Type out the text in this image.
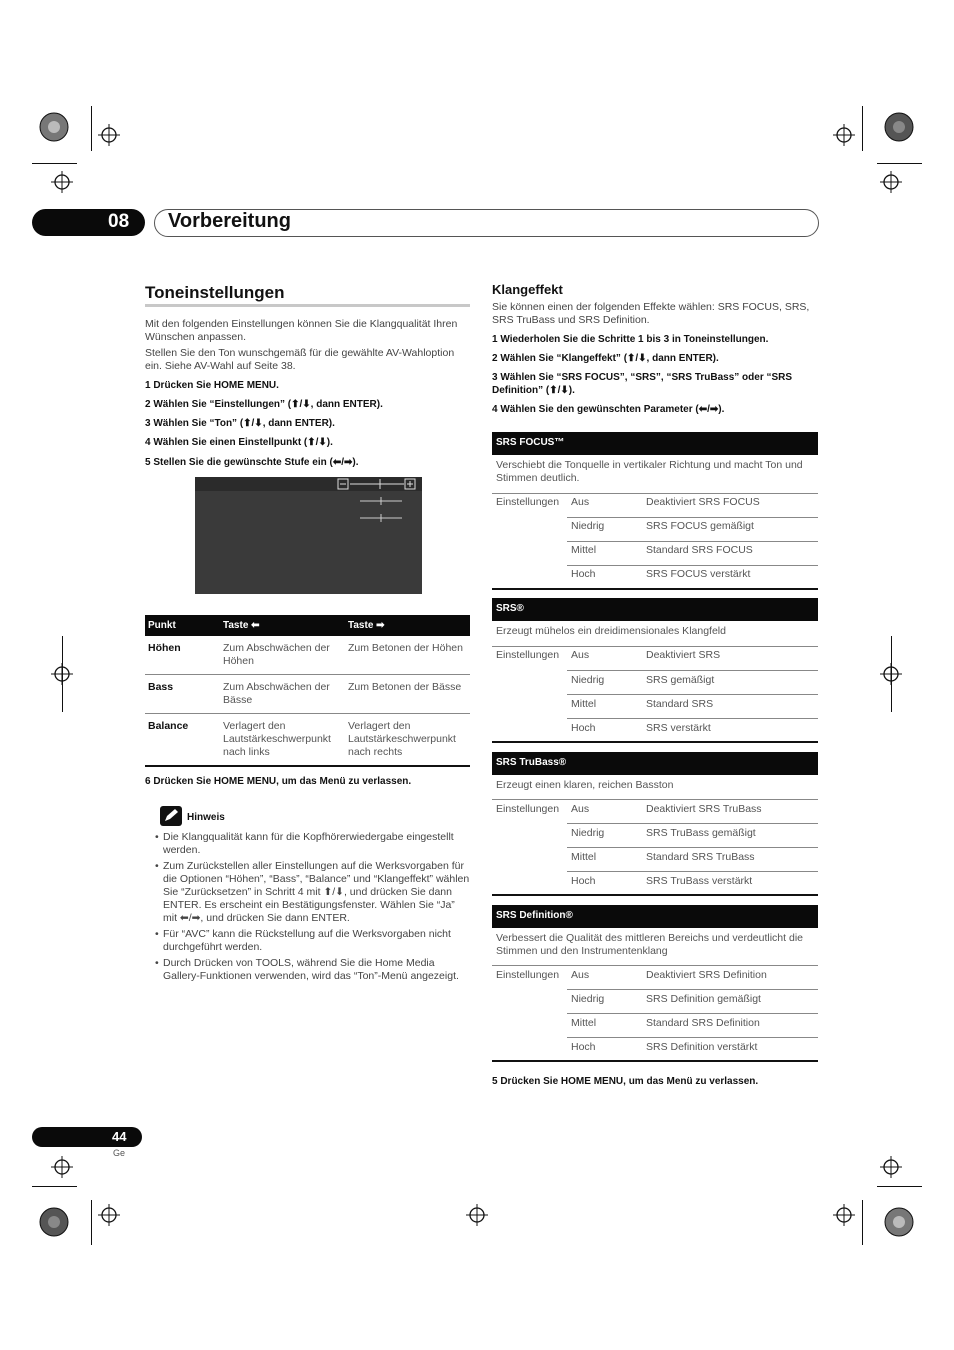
08 Vorbereitung
Toneinstellungen
Mit den folgenden Einstellungen können Sie die Klangqualität Ihren Wünschen anpassen.
Stellen Sie den Ton wunschgemäß für die gewählte AV-Wahloption ein. Siehe AV-Wahl auf Seite 38.
1 Drücken Sie HOME MENU.
2 Wählen Sie “Einstellungen” (⬆/⬇, dann ENTER).
3 Wählen Sie “Ton” (⬆/⬇, dann ENTER).
4 Wählen Sie einen Einstellpunkt (⬆/⬇).
5 Stellen Sie die gewünschte Stufe ein (⬅/➡).
Punkt	Taste ⬅	Taste ➡
Höhen	Zum Abschwächen der Höhen	Zum Betonen der Höhen
Bass	Zum Abschwächen der Bässe	Zum Betonen der Bässe
Balance	Verlagert den Lautstärkeschwerpunkt nach links	Verlagert den Lautstärkeschwerpunkt nach rechts
6 Drücken Sie HOME MENU, um das Menü zu verlassen.
Hinweis
• Die Klangqualität kann für die Kopfhörerwiedergabe eingestellt werden.
• Zum Zurückstellen aller Einstellungen auf die Werksvorgaben für die Optionen “Höhen”, “Bass”, “Balance” und “Klangeffekt” wählen Sie “Zurücksetzen” in Schritt 4 mit ⬆/⬇, und drücken Sie dann ENTER. Es erscheint ein Bestätigungsfenster. Wählen Sie “Ja” mit ⬅/➡, und drücken Sie dann ENTER.
• Für “AVC” kann die Rückstellung auf die Werksvorgaben nicht durchgeführt werden.
• Durch Drücken von TOOLS, während Sie die Home Media Gallery-Funktionen verwenden, wird das “Ton”-Menü angezeigt.
Klangeffekt
Sie können einen der folgenden Effekte wählen: SRS FOCUS, SRS, SRS TruBass und SRS Definition.
1 Wiederholen Sie die Schritte 1 bis 3 in Toneinstellungen.
2 Wählen Sie “Klangeffekt” (⬆/⬇, dann ENTER).
3 Wählen Sie “SRS FOCUS”, “SRS”, “SRS TruBass” oder “SRS Definition” (⬆/⬇).
4 Wählen Sie den gewünschten Parameter (⬅/➡).
SRS FOCUS™
Verschiebt die Tonquelle in vertikaler Richtung und macht Ton und Stimmen deutlich.
Einstellungen Aus	Deaktiviert SRS FOCUS
Niedrig	SRS FOCUS gemäßigt
Mittel	Standard SRS FOCUS
Hoch	SRS FOCUS verstärkt
SRS®
Erzeugt mühelos ein dreidimensionales Klangfeld
Einstellungen Aus	Deaktiviert SRS
Niedrig	SRS gemäßigt
Mittel	Standard SRS
Hoch	SRS verstärkt
SRS TruBass®
Erzeugt einen klaren, reichen Basston
Einstellungen Aus	Deaktiviert SRS TruBass
Niedrig	SRS TruBass gemäßigt
Mittel	Standard SRS TruBass
Hoch	SRS TruBass verstärkt
SRS Definition®
Verbessert die Qualität des mittleren Bereichs und verdeutlicht die Stimmen und den Instrumentenklang
Einstellungen Aus	Deaktiviert SRS Definition
Niedrig	SRS Definition gemäßigt
Mittel	Standard SRS Definition
Hoch	SRS Definition verstärkt
5 Drücken Sie HOME MENU, um das Menü zu verlassen.
44
Ge
